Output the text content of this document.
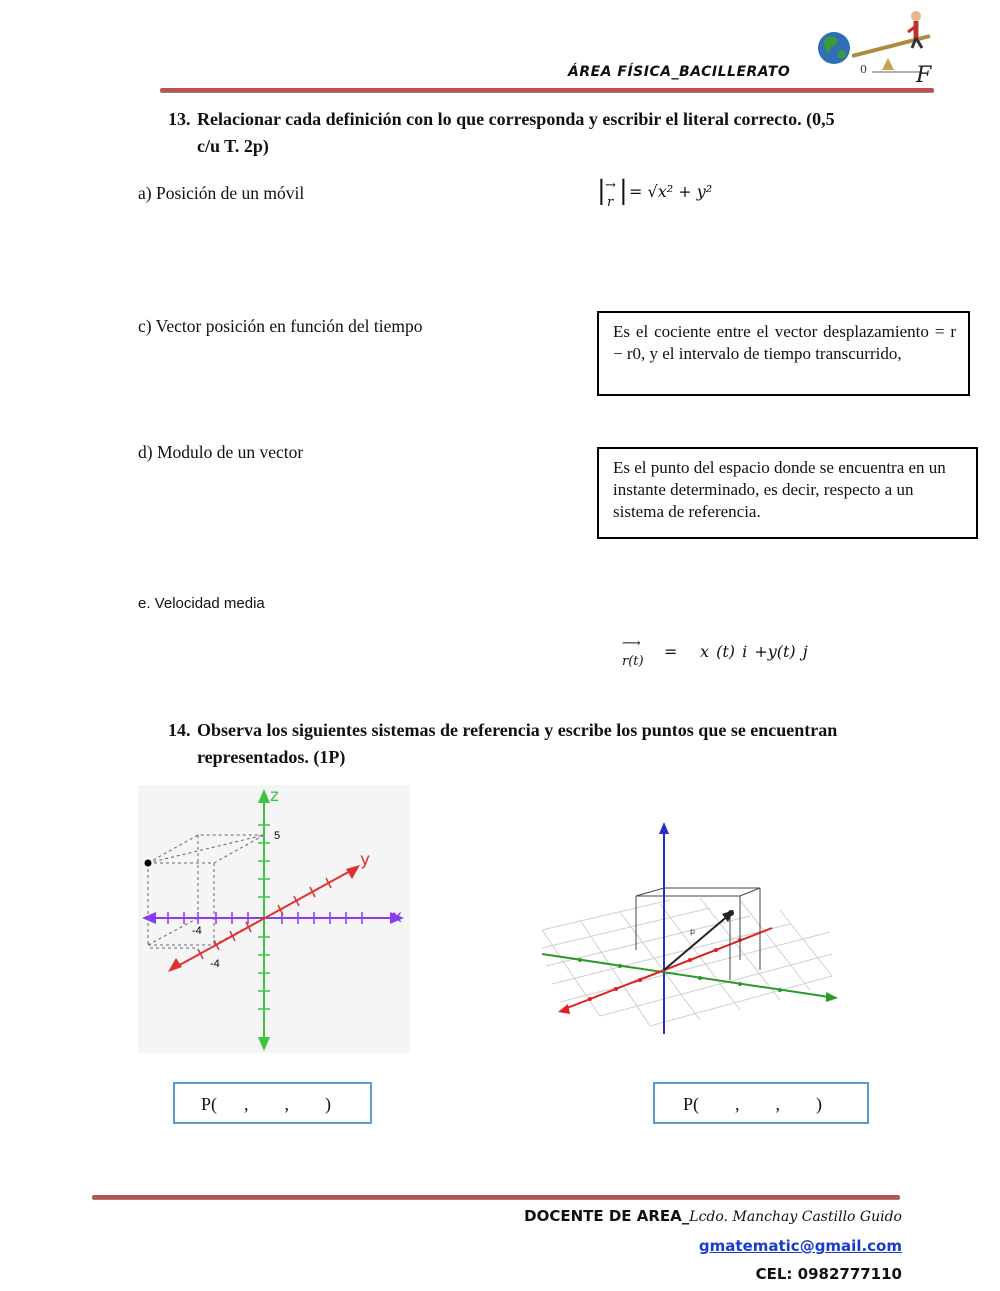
ÁREA FÍSICA_BACILLERATO	0 F
13. Relacionar cada definición con lo que corresponda y escribir el literal correcto. (0,5
c/u T. 2p)
a) Posición de un móvil
c) Vector posición en función del tiempo
d) Modulo de un vector
e. Velocidad media
| →
r | = √x² + y²
Es el cociente entre el vector desplazamiento = r − r0, y el intervalo de tiempo transcurrido,
Es el punto del espacio donde se encuentra en un instante determinado, es decir, respecto a un sistema de referencia.
⟶
r(t)
= x (t) i +y(t) j
14. Observa los siguientes sistemas de referencia y escribe los puntos que se encuentran
representados. (1P)
z
y
x
5
-4
-4
p
P(      ,        ,        )	P(        ,        ,        )
DOCENTE DE AREA_Lcdo. Manchay Castillo Guido
gmatematic@gmail.com
CEL: 0982777110
